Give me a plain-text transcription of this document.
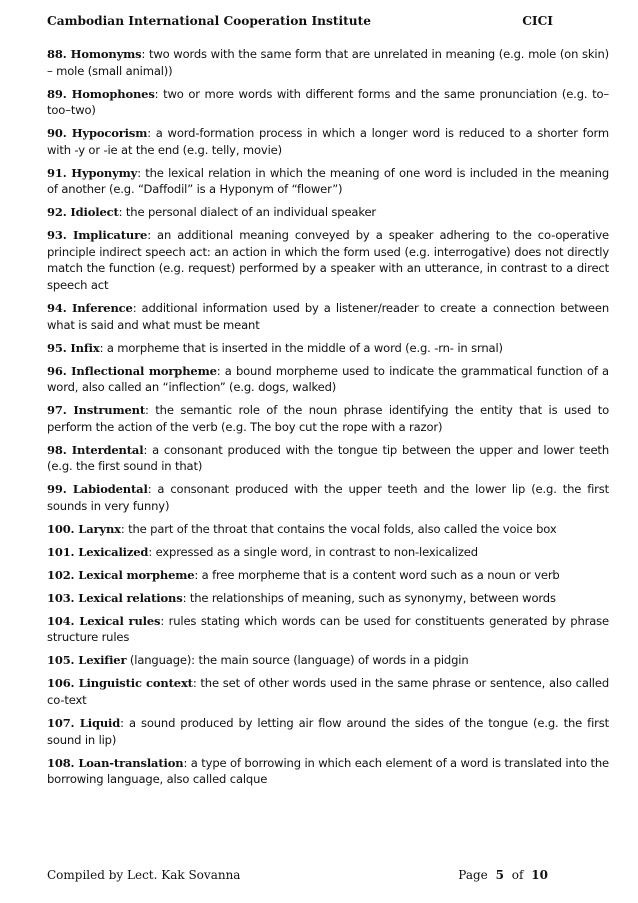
Cambodian International Cooperation Institute	CICI

88. Homonyms: two words with the same form that are unrelated in meaning (e.g. mole (on skin) – mole (small animal))

89. Homophones: two or more words with different forms and the same pronunciation (e.g. to–too–two)

90. Hypocorism: a word-formation process in which a longer word is reduced to a shorter form with -y or -ie at the end (e.g. telly, movie)

91. Hyponymy: the lexical relation in which the meaning of one word is included in the meaning of another (e.g. “Daffodil” is a Hyponym of “flower”)

92. Idiolect: the personal dialect of an individual speaker

93. Implicature: an additional meaning conveyed by a speaker adhering to the co-operative principle indirect speech act: an action in which the form used (e.g. interrogative) does not directly match the function (e.g. request) performed by a speaker with an utterance, in contrast to a direct speech act

94. Inference: additional information used by a listener/reader to create a connection between what is said and what must be meant

95. Infix: a morpheme that is inserted in the middle of a word (e.g. -rn- in srnal)

96. Inflectional morpheme: a bound morpheme used to indicate the grammatical function of a word, also called an “inflection” (e.g. dogs, walked)

97. Instrument: the semantic role of the noun phrase identifying the entity that is used to perform the action of the verb (e.g. The boy cut the rope with a razor)

98. Interdental: a consonant produced with the tongue tip between the upper and lower teeth (e.g. the first sound in that)

99. Labiodental: a consonant produced with the upper teeth and the lower lip (e.g. the first sounds in very funny)

100. Larynx: the part of the throat that contains the vocal folds, also called the voice box

101. Lexicalized: expressed as a single word, in contrast to non-lexicalized

102. Lexical morpheme: a free morpheme that is a content word such as a noun or verb

103. Lexical relations: the relationships of meaning, such as synonymy, between words

104. Lexical rules: rules stating which words can be used for constituents generated by phrase structure rules

105. Lexifier (language): the main source (language) of words in a pidgin

106. Linguistic context: the set of other words used in the same phrase or sentence, also called co-text

107. Liquid: a sound produced by letting air flow around the sides of the tongue (e.g. the first sound in lip)

108. Loan-translation: a type of borrowing in which each element of a word is translated into the borrowing language, also called calque

Compiled by Lect. Kak Sovanna	Page 5 of 10
